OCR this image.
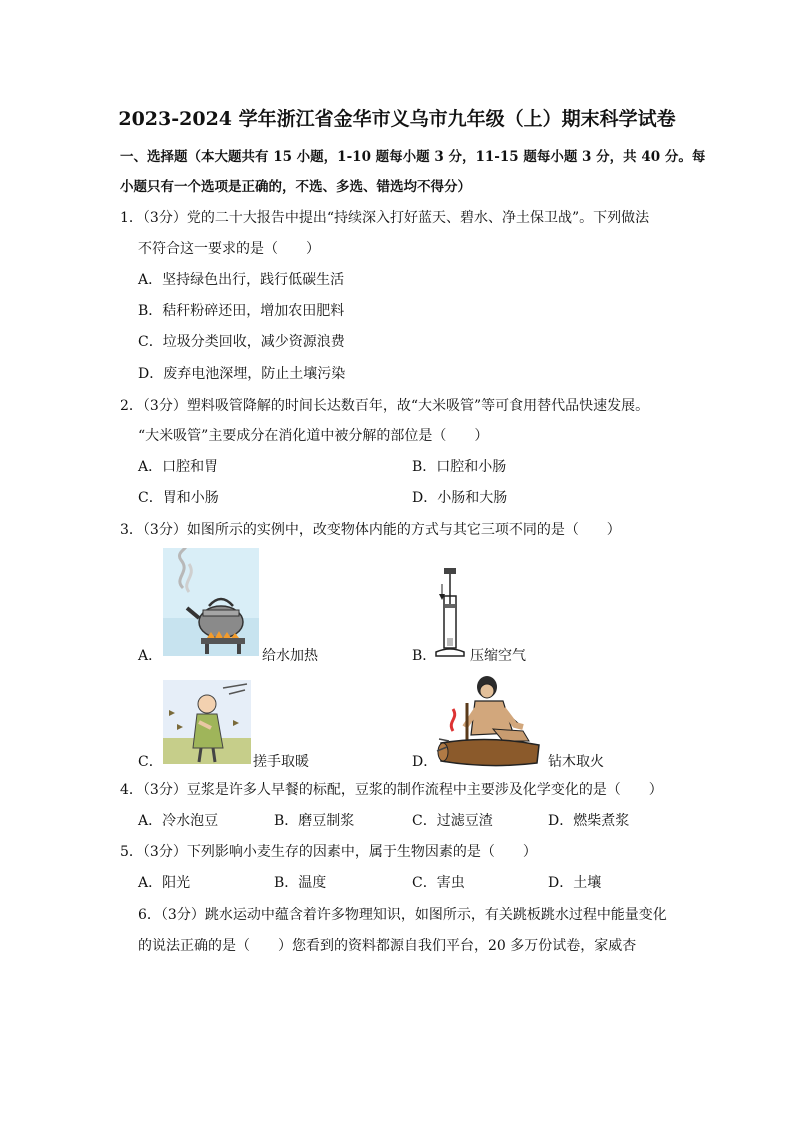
2023-2024 学年浙江省金华市义乌市九年级（上）期末科学试卷
一、选择题（本大题共有 15 小题，1-10 题每小题 3 分，11-15 题每小题 3 分，共 40 分。每
小题只有一个选项是正确的，不选、多选、错选均不得分）
1．（3分）党的二十大报告中提出“持续深入打好蓝天、碧水、净土保卫战”。下列做法
不符合这一要求的是（　　）
A．坚持绿色出行，践行低碳生活
B．秸秆粉碎还田，增加农田肥料
C．垃圾分类回收，减少资源浪费
D．废弃电池深埋，防止土壤污染
2．（3分）塑料吸管降解的时间长达数百年，故“大米吸管”等可食用替代品快速发展。
“大米吸管”主要成分在消化道中被分解的部位是（　　）
A．口腔和胃	B．口腔和小肠
C．胃和小肠	D．小肠和大肠
3．（3分）如图所示的实例中，改变物体内能的方式与其它三项不同的是（　　）
A．	给水加热	B． 压缩空气
C．	搓手取暖	D．	钻木取火
4．（3分）豆浆是许多人早餐的标配，豆浆的制作流程中主要涉及化学变化的是（　　）
A．冷水泡豆	B．磨豆制浆	C．过滤豆渣	D．燃柴煮浆
5．（3分）下列影响小麦生存的因素中，属于生物因素的是（　　）
A．阳光	B．温度	C．害虫	D．土壤
6．（3分）跳水运动中蕴含着许多物理知识，如图所示，有关跳板跳水过程中能量变化
的说法正确的是（　　）您看到的资料都源自我们平台，20 多万份试卷，家威杏
